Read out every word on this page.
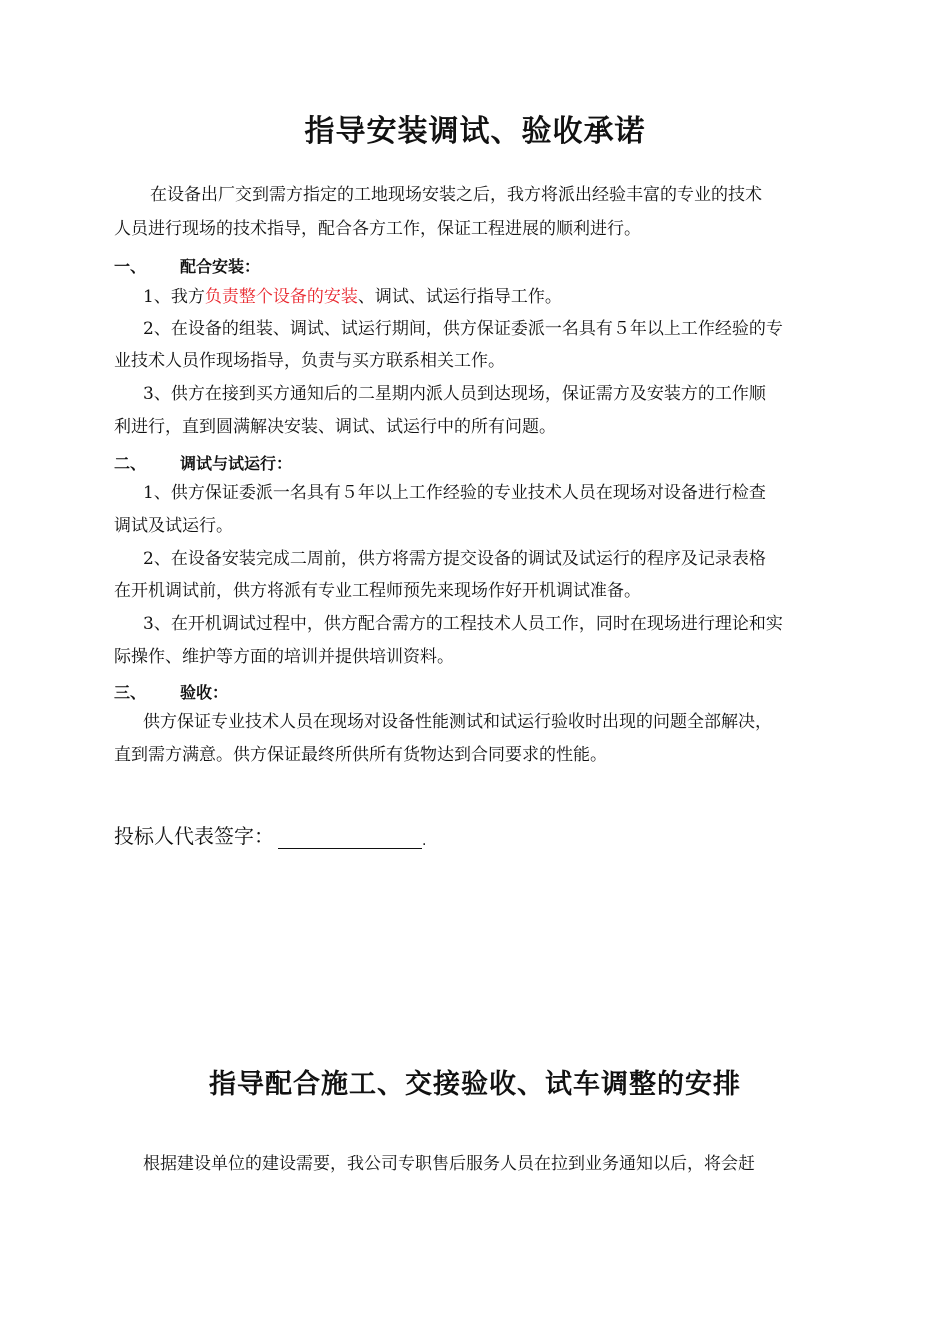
指导安装调试、验收承诺

在设备出厂交到需方指定的工地现场安装之后，我方将派出经验丰富的专业的技术

人员进行现场的技术指导，配合各方工作，保证工程进展的顺利进行。

一、 配合安装：

1、我方负责整个设备的安装、调试、试运行指导工作。

2、在设备的组装、调试、试运行期间，供方保证委派一名具有５年以上工作经验的专

业技术人员作现场指导，负责与买方联系相关工作。

3、供方在接到买方通知后的二星期内派人员到达现场，保证需方及安装方的工作顺

利进行，直到圆满解决安装、调试、试运行中的所有问题。

二、 调试与试运行：

1、供方保证委派一名具有５年以上工作经验的专业技术人员在现场对设备进行检查

调试及试运行。

2、在设备安装完成二周前，供方将需方提交设备的调试及试运行的程序及记录表格

在开机调试前，供方将派有专业工程师预先来现场作好开机调试准备。

3、在开机调试过程中，供方配合需方的工程技术人员工作，同时在现场进行理论和实

际操作、维护等方面的培训并提供培训资料。

三、 验收：

供方保证专业技术人员在现场对设备性能测试和试运行验收时出现的问题全部解决，

直到需方满意。供方保证最终所供所有货物达到合同要求的性能。

投标人代表签字：	.
指导配合施工、交接验收、试车调整的安排

根据建设单位的建设需要，我公司专职售后服务人员在拉到业务通知以后，将会赶
